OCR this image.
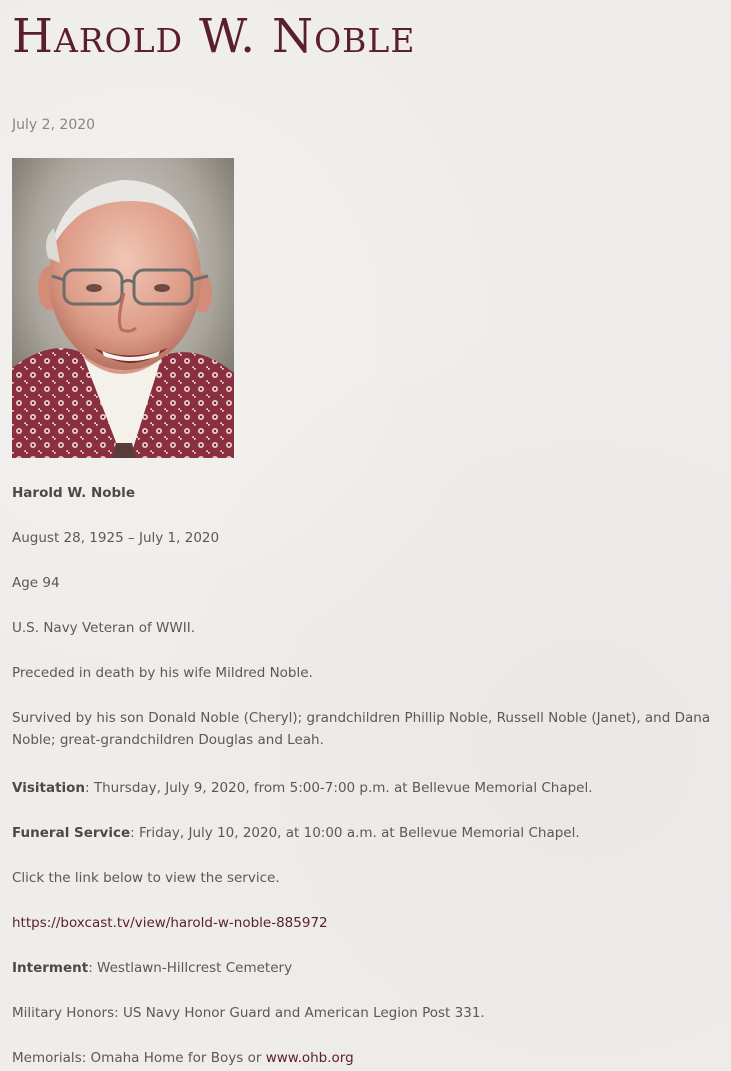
Harold W. Noble
July 2, 2020

Harold W. Noble

August 28, 1925 – July 1, 2020

Age 94

U.S. Navy Veteran of WWII.

Preceded in death by his wife Mildred Noble.

Survived by his son Donald Noble (Cheryl); grandchildren Phillip Noble, Russell Noble (Janet), and Dana Noble; great-grandchildren Douglas and Leah.

Visitation: Thursday, July 9, 2020, from 5:00-7:00 p.m. at Bellevue Memorial Chapel.

Funeral Service: Friday, July 10, 2020, at 10:00 a.m. at Bellevue Memorial Chapel.

Click the link below to view the service.

https://boxcast.tv/view/harold-w-noble-885972

Interment: Westlawn-Hillcrest Cemetery

Military Honors: US Navy Honor Guard and American Legion Post 331.

Memorials: Omaha Home for Boys or www.ohb.org
